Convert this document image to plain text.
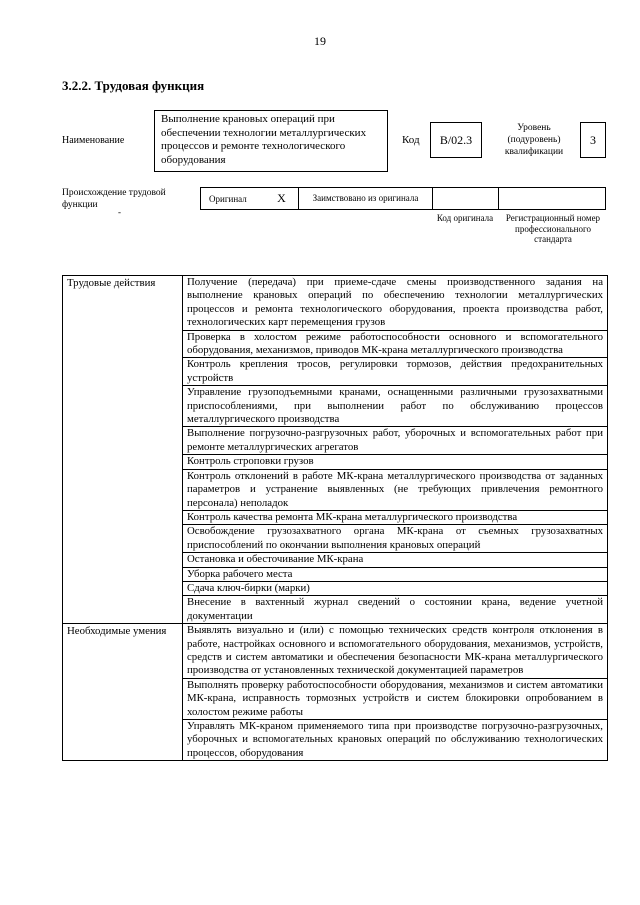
19
3.2.2. Трудовая функция
Наименование
Выполнение крановых операций при обеспечении технологии металлургических процессов и ремонте технологического оборудования
Код	B/02.3
Уровень (подуровень) квалификации
3
Происхождение трудовой функции
-
Оригинал	X	Заимствовано из оригинала
Код оригинала	Регистрационный номер профессионального стандарта
Трудовые действия	Получение (передача) при приеме-сдаче смены производственного задания на выполнение крановых операций по обеспечению технологии металлургических процессов и ремонта технологического оборудования, проекта производства работ, технологических карт перемещения грузов
	Проверка в холостом режиме работоспособности основного и вспомогательного оборудования, механизмов, приводов МК-крана металлургического производства
	Контроль крепления тросов, регулировки тормозов, действия предохранительных устройств
	Управление грузоподъемными кранами, оснащенными различными грузозахватными приспособлениями, при выполнении работ по обслуживанию процессов металлургического производства
	Выполнение погрузочно-разгрузочных работ, уборочных и вспомогательных работ при ремонте металлургических агрегатов
	Контроль строповки грузов
	Контроль отклонений в работе МК-крана металлургического производства от заданных параметров и устранение выявленных (не требующих привлечения ремонтного персонала) неполадок
	Контроль качества ремонта МК-крана металлургического производства
	Освобождение грузозахватного органа МК-крана от съемных грузозахватных приспособлений по окончании выполнения крановых операций
	Остановка и обесточивание МК-крана
	Уборка рабочего места
	Сдача ключ-бирки (марки)
	Внесение в вахтенный журнал сведений о состоянии крана, ведение учетной документации
Необходимые умения	Выявлять визуально и (или) с помощью технических средств контроля отклонения в работе, настройках основного и вспомогательного оборудования, механизмов, устройств, средств и систем автоматики и обеспечения безопасности МК-крана металлургического производства от установленных технической документацией параметров
	Выполнять проверку работоспособности оборудования, механизмов и систем автоматики МК-крана, исправность тормозных устройств и систем блокировки опробованием в холостом режиме работы
	Управлять МК-краном применяемого типа при производстве погрузочно-разгрузочных, уборочных и вспомогательных крановых операций по обслуживанию технологических процессов, оборудования
